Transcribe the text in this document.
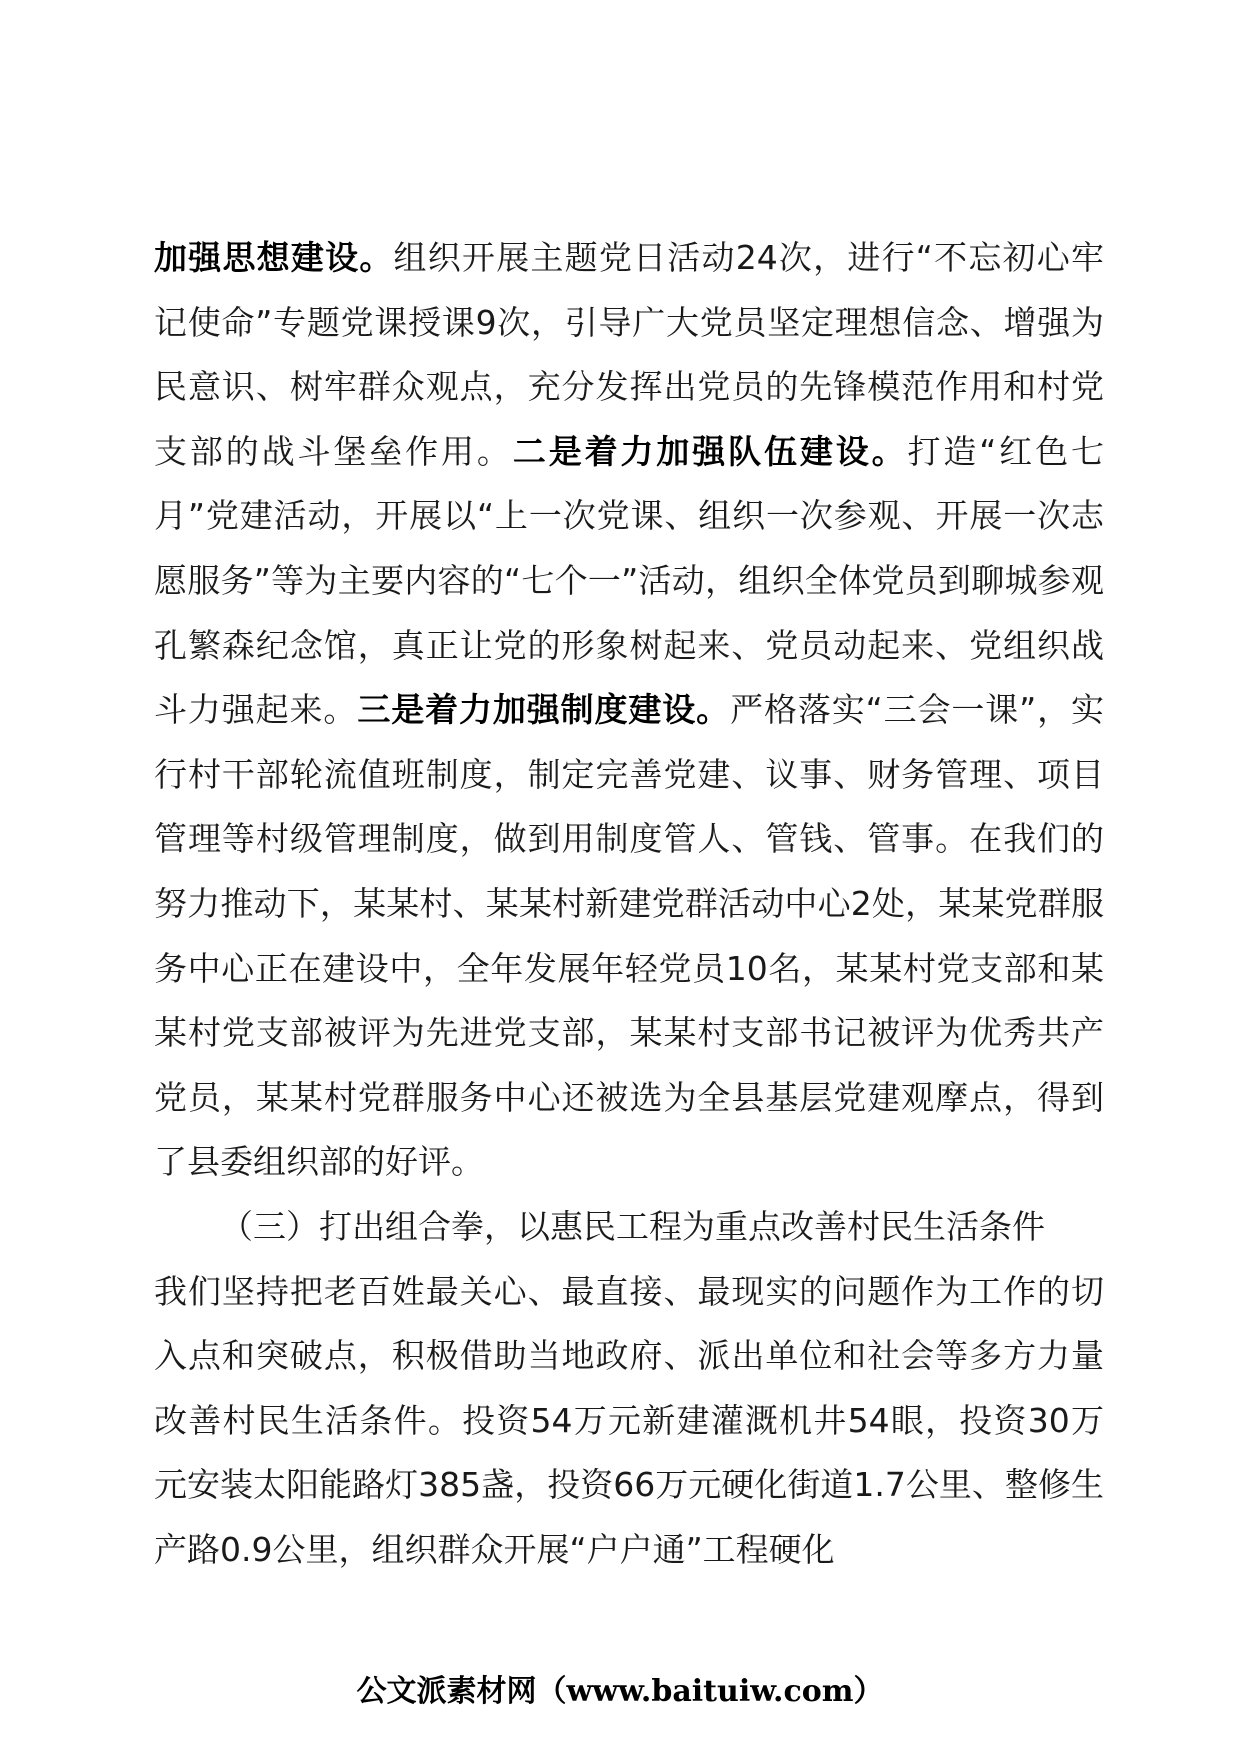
加强思想建设。组织开展主题党日活动24次，进行“不忘初心牢记使命”专题党课授课9次，引导广大党员坚定理想信念、增强为民意识、树牢群众观点，充分发挥出党员的先锋模范作用和村党支部的战斗堡垒作用。二是着力加强队伍建设。打造“红色七月”党建活动，开展以“上一次党课、组织一次参观、开展一次志愿服务”等为主要内容的“七个一”活动，组织全体党员到聊城参观孔繁森纪念馆，真正让党的形象树起来、党员动起来、党组织战斗力强起来。三是着力加强制度建设。严格落实“三会一课”，实行村干部轮流值班制度，制定完善党建、议事、财务管理、项目管理等村级管理制度，做到用制度管人、管钱、管事。在我们的努力推动下，某某村、某某村新建党群活动中心2处，某某党群服务中心正在建设中，全年发展年轻党员10名，某某村党支部和某某村党支部被评为先进党支部，某某村支部书记被评为优秀共产党员，某某村党群服务中心还被选为全县基层党建观摩点，得到了县委组织部的好评。

（三）打出组合拳，以惠民工程为重点改善村民生活条件

我们坚持把老百姓最关心、最直接、最现实的问题作为工作的切入点和突破点，积极借助当地政府、派出单位和社会等多方力量改善村民生活条件。投资54万元新建灌溉机井54眼，投资30万元安装太阳能路灯385盏，投资66万元硬化街道1.7公里、整修生产路0.9公里，组织群众开展“户户通”工程硬化

公文派素材网（www.baituiw.com）
